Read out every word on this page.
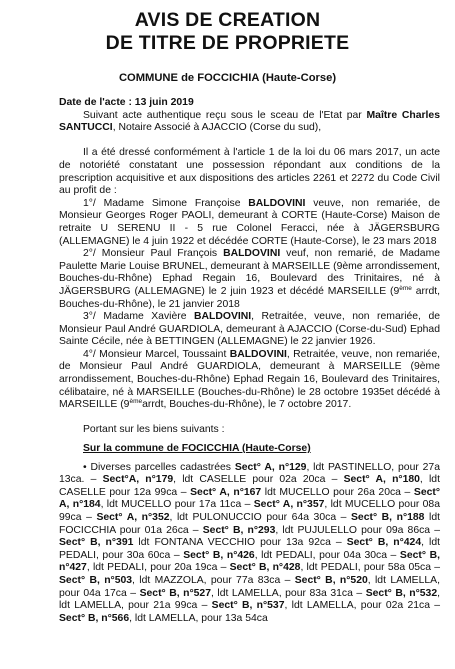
AVIS DE CREATION
DE TITRE DE PROPRIETE
COMMUNE de FOCCICHIA (Haute-Corse)

Date de l'acte : 13 juin 2019

Suivant acte authentique reçu sous le sceau de l'Etat par Maître Charles SANTUCCI, Notaire Associé à AJACCIO (Corse du sud),

Il a été dressé conformément à l'article 1 de la loi du 06 mars 2017, un acte de notoriété constatant une possession répondant aux conditions de la prescription acquisitive et aux dispositions des articles 2261 et 2272 du Code Civil au profit de :

1°/ Madame Simone Françoise BALDOVINI veuve, non remariée, de Monsieur Georges Roger PAOLI, demeurant à CORTE (Haute-Corse) Maison de retraite U SERENU II - 5 rue Colonel Feracci, née à JÄGERSBURG (ALLEMAGNE) le 4 juin 1922 et décédée CORTE (Haute-Corse), le 23 mars 2018

2°/ Monsieur Paul François BALDOVINI veuf, non remarié, de Madame Paulette Marie Louise BRUNEL, demeurant à MARSEILLE (9ème arrondissement, Bouches-du-Rhône) Ephad Regain 16, Boulevard des Trinitaires, né à JÄGERSBURG (ALLEMAGNE) le 2 juin 1923 et décédé MARSEILLE (9ème arrdt, Bouches-du-Rhône), le 21 janvier 2018

3°/ Madame Xavière BALDOVINI, Retraitée, veuve, non remariée, de Monsieur Paul André GUARDIOLA, demeurant à AJACCIO (Corse-du-Sud) Ephad Sainte Cécile, née à BETTINGEN (ALLEMAGNE) le 22 janvier 1926.

4°/ Monsieur Marcel, Toussaint BALDOVINI, Retraitée, veuve, non remariée, de Monsieur Paul André GUARDIOLA, demeurant à MARSEILLE (9ème arrondissement, Bouches-du-Rhône) Ephad Regain 16, Boulevard des Trinitaires, célibataire, né à MARSEILLE (Bouches-du-Rhône) le 28 octobre 1935et décédé à MARSEILLE (9èmearrdt, Bouches-du-Rhône), le 7 octobre 2017.

Portant sur les biens suivants :

Sur la commune de FOCICCHIA (Haute-Corse)

• Diverses parcelles cadastrées Sect° A, n°129, ldt PASTINELLO, pour 27a 13ca. – Sect°A, n°179, ldt CASELLE pour 02a 20ca – Sect° A, n°180, ldt CASELLE pour 12a 99ca – Sect° A, n°167 ldt MUCELLO pour 26a 20ca – Sect° A, n°184, ldt MUCELLO pour 17a 11ca – Sect° A, n°357, ldt MUCELLO pour 08a 99ca – Sect° A, n°352, ldt PULONUCCIO pour 64a 30ca – Sect° B, n°188 ldt FOCICCHIA pour 01a 26ca – Sect° B, n°293, ldt PUJULELLO pour 09a 86ca – Sect° B, n°391 ldt FONTANA VECCHIO pour 13a 92ca – Sect° B, n°424, ldt PEDALI, pour 30a 60ca – Sect° B, n°426, ldt PEDALI, pour 04a 30ca – Sect° B, n°427, ldt PEDALI, pour 20a 19ca – Sect° B, n°428, ldt PEDALI, pour 58a 05ca – Sect° B, n°503, ldt MAZZOLA, pour 77a 83ca – Sect° B, n°520, ldt LAMELLA, pour 04a 17ca – Sect° B, n°527, ldt LAMELLA, pour 83a 31ca – Sect° B, n°532, ldt LAMELLA, pour 21a 99ca – Sect° B, n°537, ldt LAMELLA, pour 02a 21ca – Sect° B, n°566, ldt LAMELLA, pour 13a 54ca
